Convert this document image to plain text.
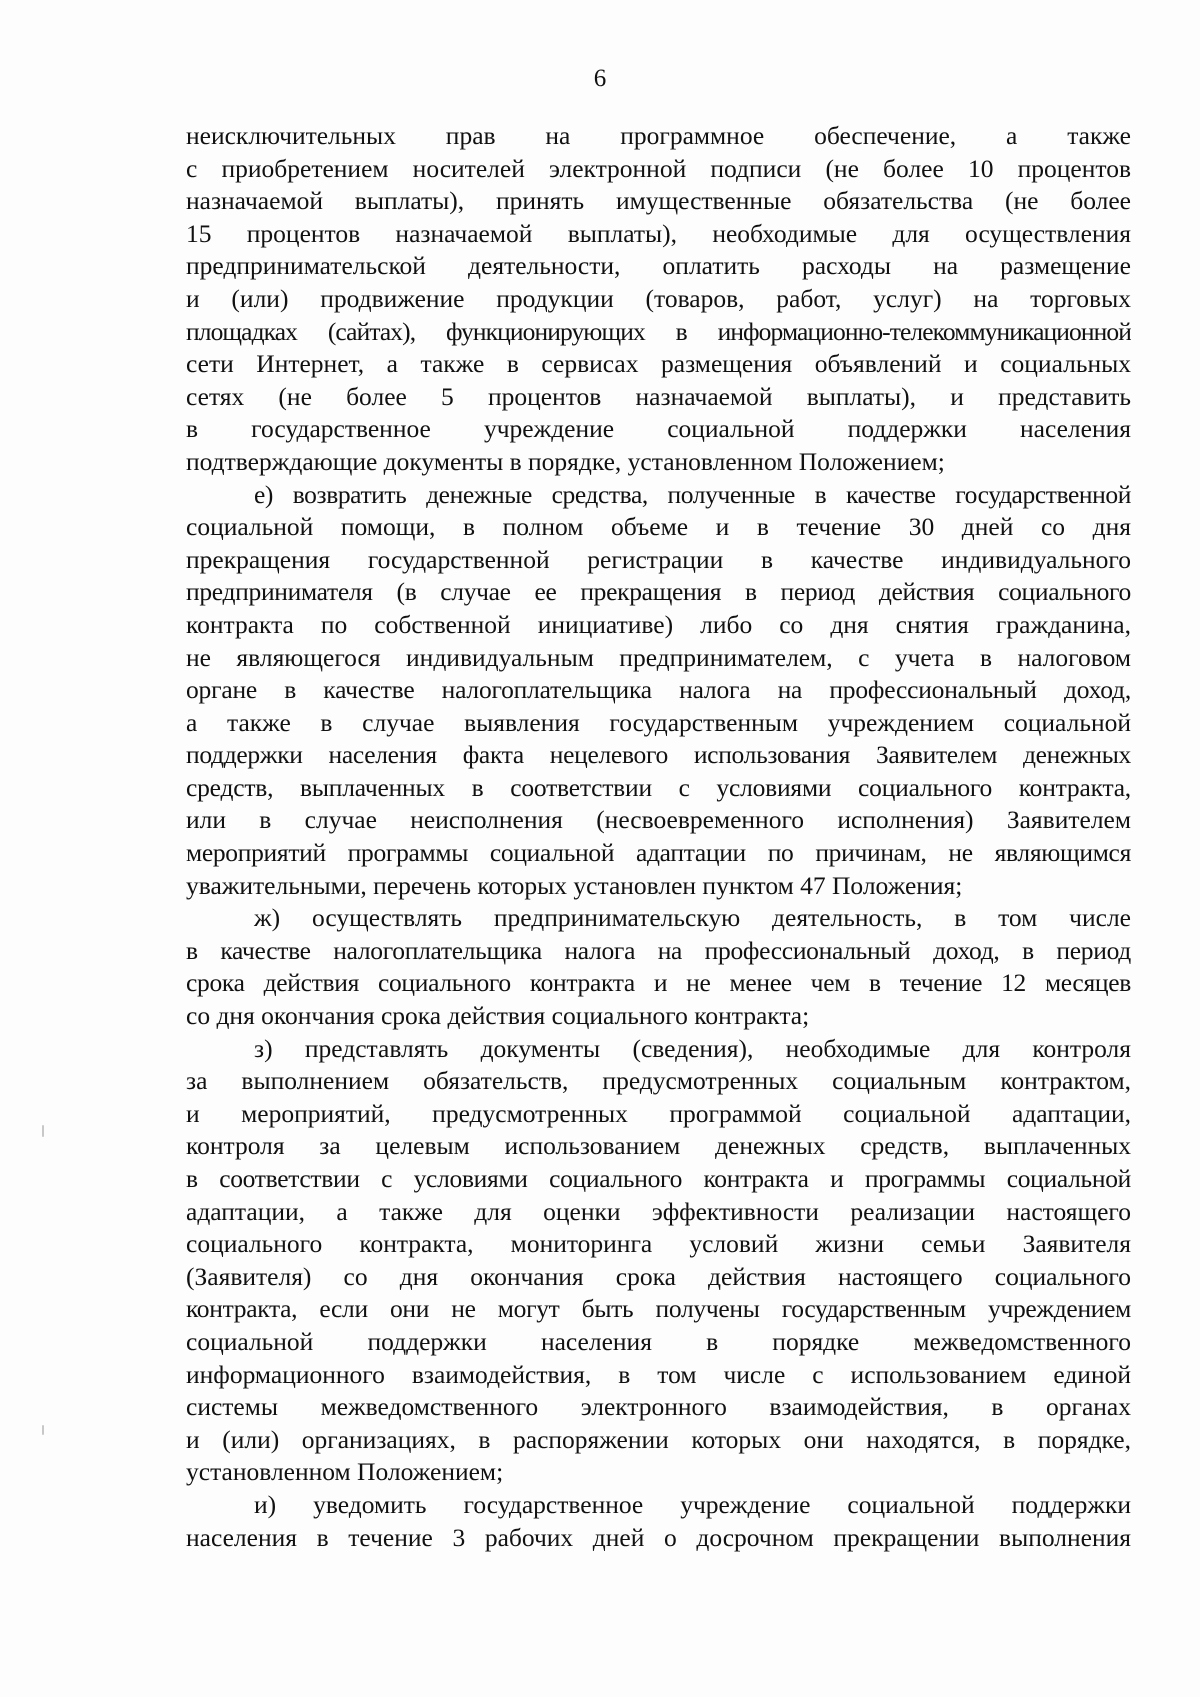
6
неисключительных прав на программное обеспечение, а также
с приобретением носителей электронной подписи (не более 10 процентов
назначаемой выплаты), принять имущественные обязательства (не более
15 процентов назначаемой выплаты), необходимые для осуществления
предпринимательской деятельности, оплатить расходы на размещение
и (или) продвижение продукции (товаров, работ, услуг) на торговых
площадках (сайтах), функционирующих в информационно-телекоммуникационной
сети Интернет, а также в сервисах размещения объявлений и социальных
сетях (не более 5 процентов назначаемой выплаты), и представить
в государственное учреждение социальной поддержки населения
подтверждающие документы в порядке, установленном Положением;
е) возвратить денежные средства, полученные в качестве государственной
социальной помощи, в полном объеме и в течение 30 дней со дня
прекращения государственной регистрации в качестве индивидуального
предпринимателя (в случае ее прекращения в период действия социального
контракта по собственной инициативе) либо со дня снятия гражданина,
не являющегося индивидуальным предпринимателем, с учета в налоговом
органе в качестве налогоплательщика налога на профессиональный доход,
а также в случае выявления государственным учреждением социальной
поддержки населения факта нецелевого использования Заявителем денежных
средств, выплаченных в соответствии с условиями социального контракта,
или в случае неисполнения (несвоевременного исполнения) Заявителем
мероприятий программы социальной адаптации по причинам, не являющимся
уважительными, перечень которых установлен пунктом 47 Положения;
ж) осуществлять предпринимательскую деятельность, в том числе
в качестве налогоплательщика налога на профессиональный доход, в период
срока действия социального контракта и не менее чем в течение 12 месяцев
со дня окончания срока действия социального контракта;
з) представлять документы (сведения), необходимые для контроля
за выполнением обязательств, предусмотренных социальным контрактом,
и мероприятий, предусмотренных программой социальной адаптации,
контроля за целевым использованием денежных средств, выплаченных
в соответствии с условиями социального контракта и программы социальной
адаптации, а также для оценки эффективности реализации настоящего
социального контракта, мониторинга условий жизни семьи Заявителя
(Заявителя) со дня окончания срока действия настоящего социального
контракта, если они не могут быть получены государственным учреждением
социальной поддержки населения в порядке межведомственного
информационного взаимодействия, в том числе с использованием единой
системы межведомственного электронного взаимодействия, в органах
и (или) организациях, в распоряжении которых они находятся, в порядке,
установленном Положением;
и) уведомить государственное учреждение социальной поддержки
населения в течение 3 рабочих дней о досрочном прекращении выполнения
